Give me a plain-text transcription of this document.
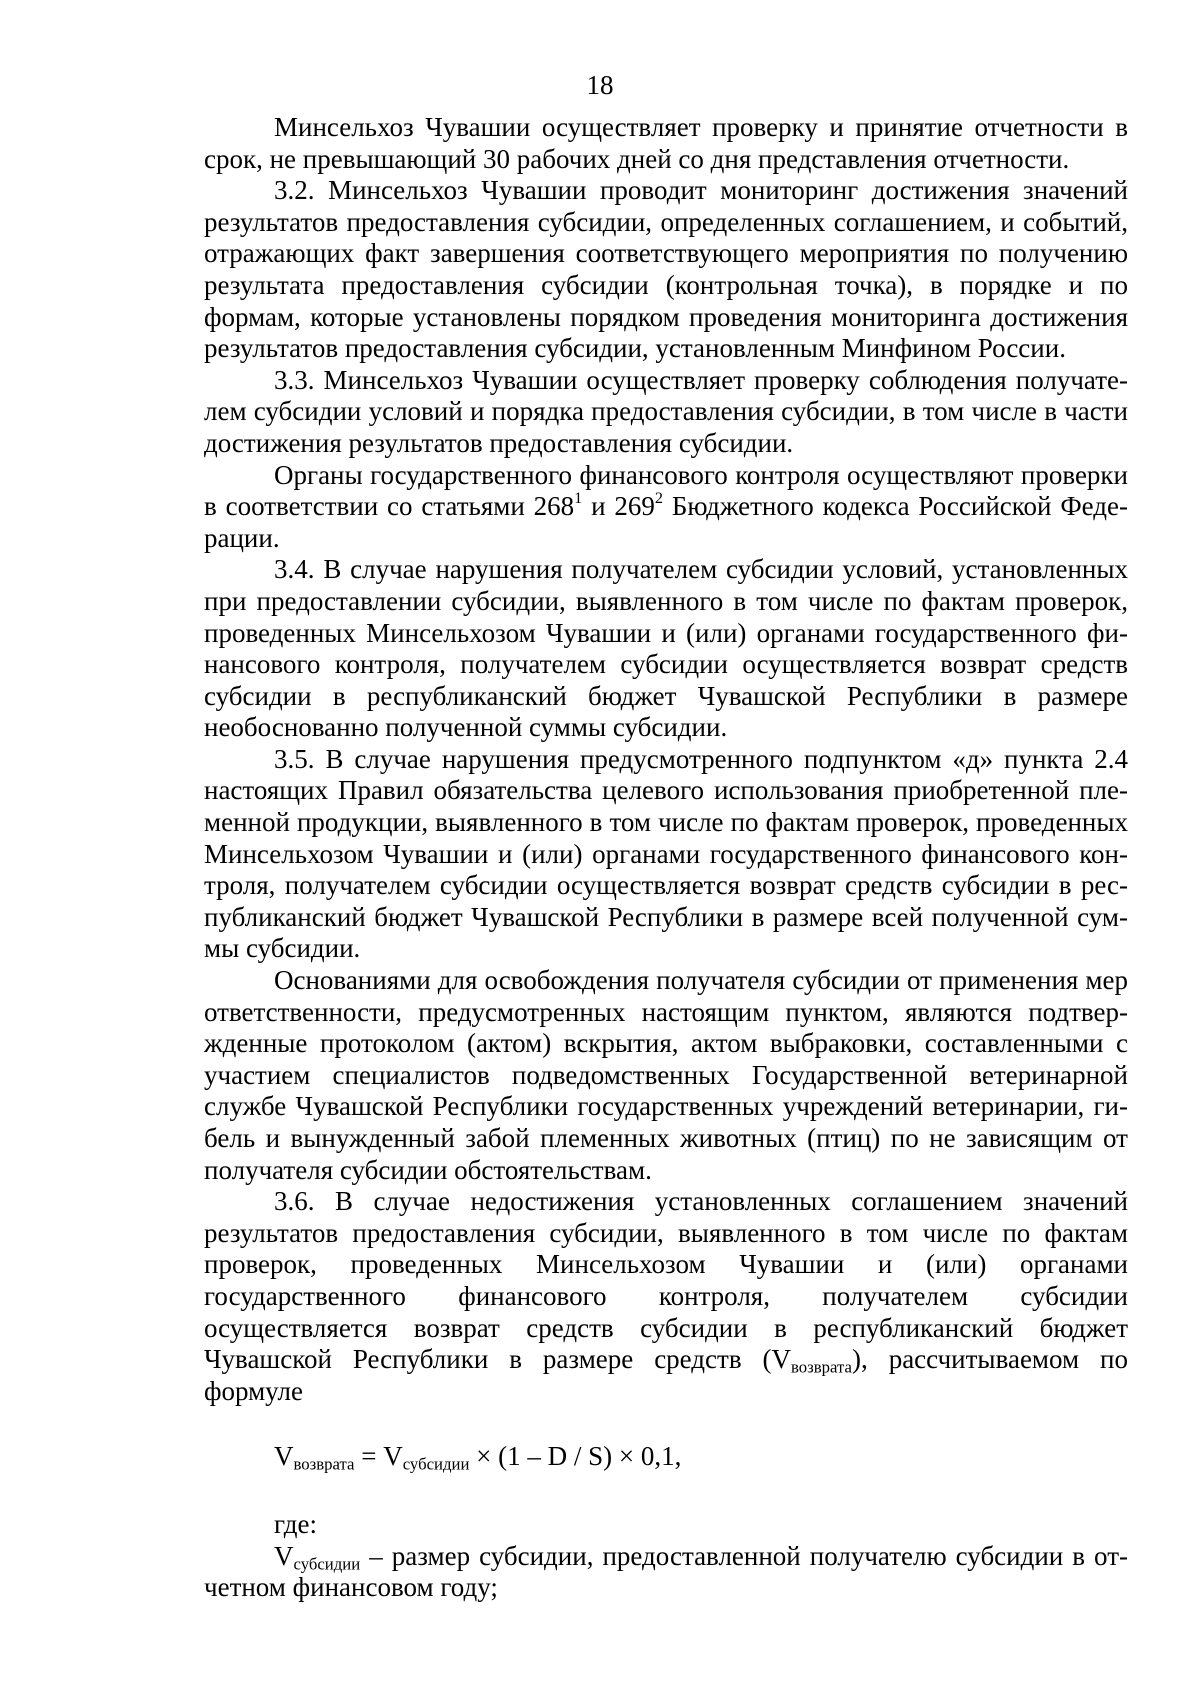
18

Минсельхоз Чувашии осуществляет проверку и принятие отчетности в срок, не превышающий 30 рабочих дней со дня представления отчетности.

3.2. Минсельхоз Чувашии проводит мониторинг достижения значений результатов предоставления субсидии, определенных соглашением, и событий, отражающих факт завершения соответствующего мероприятия по получению результата предоставления субсидии (контрольная точка), в порядке и по формам, которые установлены порядком проведения мониторинга достижения результатов предоставления субсидии, установленным Минфином России.

3.3. Минсельхоз Чувашии осуществляет проверку соблюдения получателем субсидии условий и порядка предоставления субсидии, в том числе в части достижения результатов предоставления субсидии.

Органы государственного финансового контроля осуществляют проверки в соответствии со статьями $268^1$ и $269^2$ Бюджетного кодекса Российской Федерации.

3.4. В случае нарушения получателем субсидии условий, установленных при предоставлении субсидии, выявленного в том числе по фактам проверок, проведенных Минсельхозом Чувашии и (или) органами государственного финансового контроля, получателем субсидии осуществляется возврат средств субсидии в республиканский бюджет Чувашской Республики в размере необоснованно полученной суммы субсидии.

3.5. В случае нарушения предусмотренного подпунктом «д» пункта 2.4 настоящих Правил обязательства целевого использования приобретенной племенной продукции, выявленного в том числе по фактам проверок, проведенных Минсельхозом Чувашии и (или) органами государственного финансового контроля, получателем субсидии осуществляется возврат средств субсидии в республиканский бюджет Чувашской Республики в размере всей полученной суммы субсидии.

Основаниями для освобождения получателя субсидии от применения мер ответственности, предусмотренных настоящим пунктом, являются подтвержденные протоколом (актом) вскрытия, актом выбраковки, составленными с участием специалистов подведомственных Государственной ветеринарной службе Чувашской Республики государственных учреждений ветеринарии, гибель и вынужденный забой племенных животных (птиц) по не зависящим от получателя субсидии обстоятельствам.

3.6. В случае недостижения установленных соглашением значений результатов предоставления субсидии, выявленного в том числе по фактам проверок, проведенных Минсельхозом Чувашии и (или) органами государственного финансового контроля, получателем субсидии осуществляется возврат средств субсидии в республиканский бюджет Чувашской Республики в размере средств $(V_{возврата})$, рассчитываемом по формуле

$V_{возврата} = V_{субсидии} \times (1 - D / S) \times 0,1$,

где:

$V_{субсидии}$ – размер субсидии, предоставленной получателю субсидии в отчетном финансовом году;
